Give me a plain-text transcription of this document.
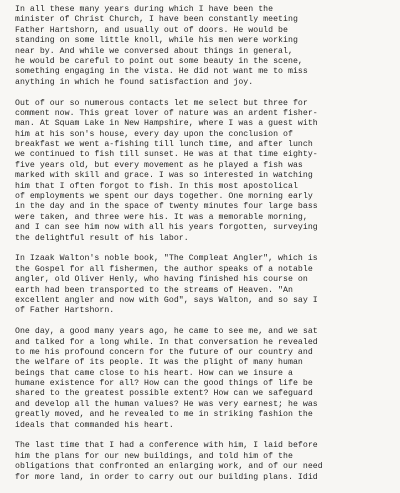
In all these many years during which I have been the
minister of Christ Church, I have been constantly meeting
Father Hartshorn, and usually out of doors. He would be
standing on some little knoll, while his men were working
near by. And while we conversed about things in general,
he would be careful to point out some beauty in the scene,
something engaging in the vista. He did not want me to miss
anything in which he found satisfaction and joy.
Out of our so numerous contacts let me select but three for
comment now. This great lover of nature was an ardent fisher-
man. At Squam Lake in New Hampshire, where I was a guest with
him at his son's house, every day upon the conclusion of
breakfast we went a-fishing till lunch time, and after lunch
we continued to fish till sunset. He was at that time eighty-
five years old, but every movement as he played a fish was
marked with skill and grace. I was so interested in watching
him that I often forgot to fish. In this most apostolical
of employments we spent our days together. One morning early
in the day and in the space of twenty minutes four large bass
were taken, and three were his. It was a memorable morning,
and I can see him now with all his years forgotten, surveying
the delightful result of his labor.
In Izaak Walton's noble book, "The Compleat Angler", which is
the Gospel for all fishermen, the author speaks of a notable
angler, old Oliver Henly, who having finished his course on
earth had been transported to the streams of Heaven. "An
excellent angler and now with God", says Walton, and so say I
of Father Hartshorn.
One day, a good many years ago, he came to see me, and we sat
and talked for a long while. In that conversation he revealed
to me his profound concern for the future of our country and
the welfare of its people. It was the plight of many human
beings that came close to his heart. How can we insure a
humane existence for all? How can the good things of life be
shared to the greatest possible extent? How can we safeguard
and develop all the human values? He was very earnest; he was
greatly moved, and he revealed to me in striking fashion the
ideals that commanded his heart.
The last time that I had a conference with him, I laid before
him the plans for our new buildings, and told him of the
obligations that confronted an enlarging work, and of our need
for more land, in order to carry out our building plans. Idid
